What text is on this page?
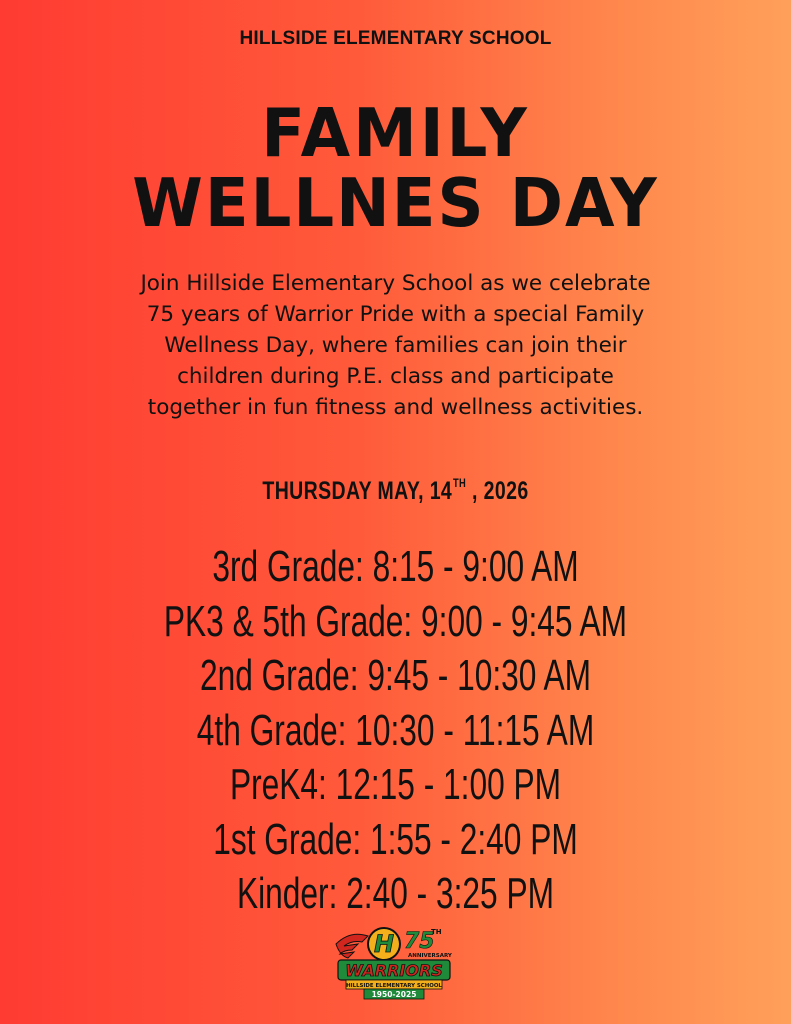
HILLSIDE ELEMENTARY SCHOOL
FAMILY
WELLNES DAY
Join Hillside Elementary School as we celebrate
75 years of Warrior Pride with a special Family
Wellness Day, where families can join their
children during P.E. class and participate
together in fun fitness and wellness activities.
THURSDAY MAY, 14TH , 2026
3rd Grade: 8:15 - 9:00 AM
PK3 & 5th Grade: 9:00 - 9:45 AM
2nd Grade: 9:45 - 10:30 AM
4th Grade: 10:30 - 11:15 AM
PreK4: 12:15 - 1:00 PM
1st Grade: 1:55 - 2:40 PM
Kinder: 2:40 - 3:25 PM
H 75
TH
ANNIVERSARY
WARRIORS
HILLSIDE ELEMENTARY SCHOOL
1950-2025
